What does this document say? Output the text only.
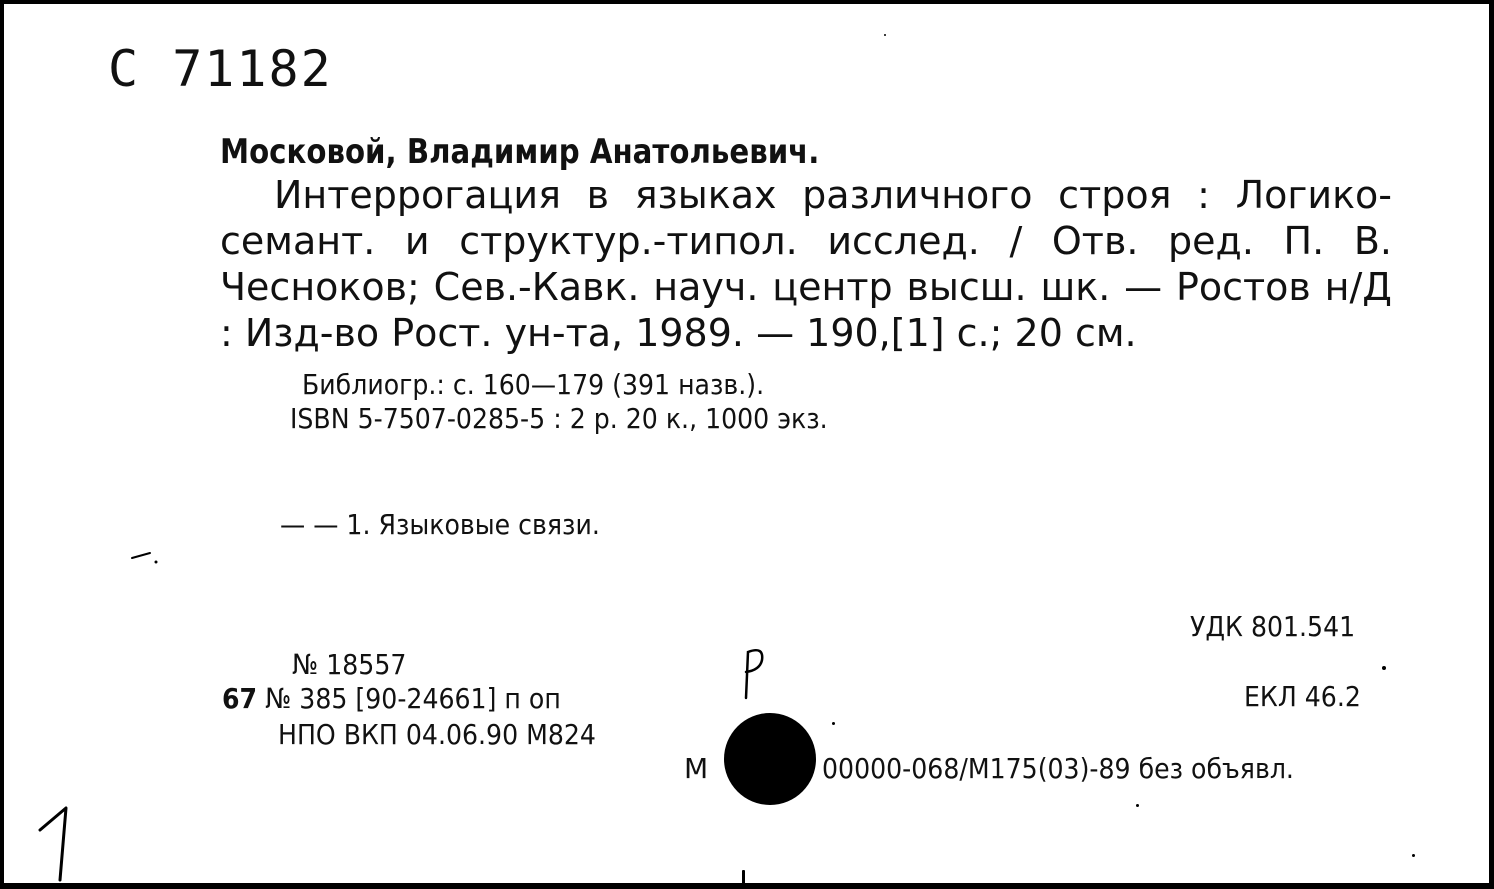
С 71182
Московой, Владимир Анатольевич.
Интеррогация в языках различного строя : Логико-семант. и структур.-типол. исслед. / Отв. ред. П. В. Чесноков; Сев.-Кавк. науч. центр высш. шк. — Ростов н/Д : Изд-во Рост. ун-та, 1989. — 190,[1] с.; 20 см.
Библиогр.: с. 160—179 (391 назв.).
ISBN 5-7507-0285-5 : 2 р. 20 к., 1000 экз.
— — 1. Языковые связи.
УДК 801.541
ЕКЛ 46.2
№ 18557
67 № 385 [90-24661] п оп
НПО ВКП 04.06.90 М824
М	00000-068/М175(03)-89 без объявл.
